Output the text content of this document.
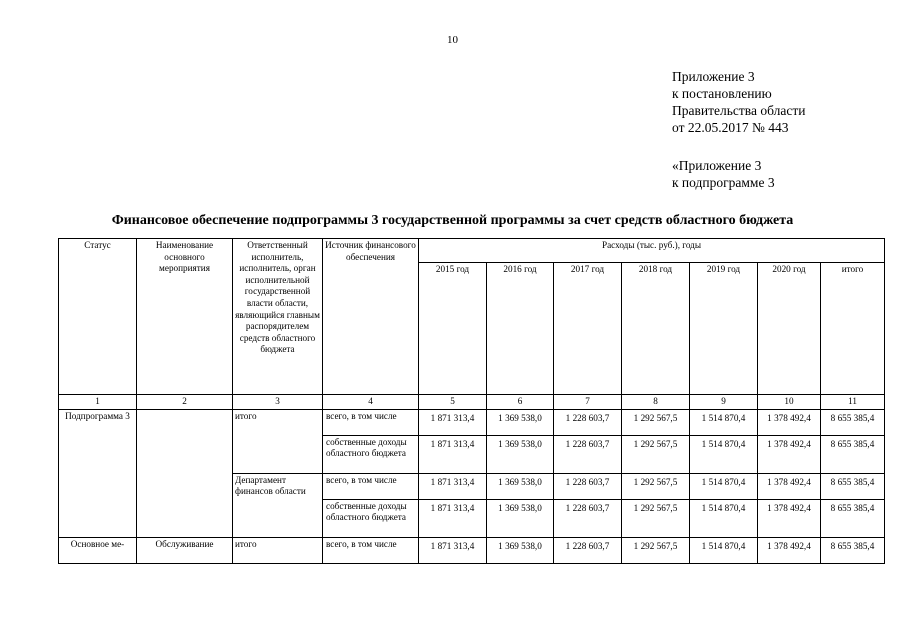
10
Приложение 3
к постановлению
Правительства области
от 22.05.2017 № 443
«Приложение 3
к подпрограмме 3
Финансовое обеспечение подпрограммы 3 государственной программы за счет средств областного бюджета
Статус	Наименование основного мероприятия	Ответственный исполнитель, исполнитель, орган исполнительной государственной власти области, являющийся главным распорядителем средств областного бюджета	Источник финансового обеспечения	Расходы (тыс. руб.), годы						
				2015 год	2016 год	2017 год	2018 год	2019 год	2020 год	итого
1	2	3	4	5	6	7	8	9	10	11
Подпрограмма 3		итого	всего, в том числе	1 871 313,4	1 369 538,0	1 228 603,7	1 292 567,5	1 514 870,4	1 378 492,4	8 655 385,4
			собственные доходы областного бюджета	1 871 313,4	1 369 538,0	1 228 603,7	1 292 567,5	1 514 870,4	1 378 492,4	8 655 385,4
		Департамент финансов области	всего, в том числе	1 871 313,4	1 369 538,0	1 228 603,7	1 292 567,5	1 514 870,4	1 378 492,4	8 655 385,4
			собственные доходы областного бюджета	1 871 313,4	1 369 538,0	1 228 603,7	1 292 567,5	1 514 870,4	1 378 492,4	8 655 385,4
Основное ме-	Обслуживание	итого	всего, в том числе	1 871 313,4	1 369 538,0	1 228 603,7	1 292 567,5	1 514 870,4	1 378 492,4	8 655 385,4
